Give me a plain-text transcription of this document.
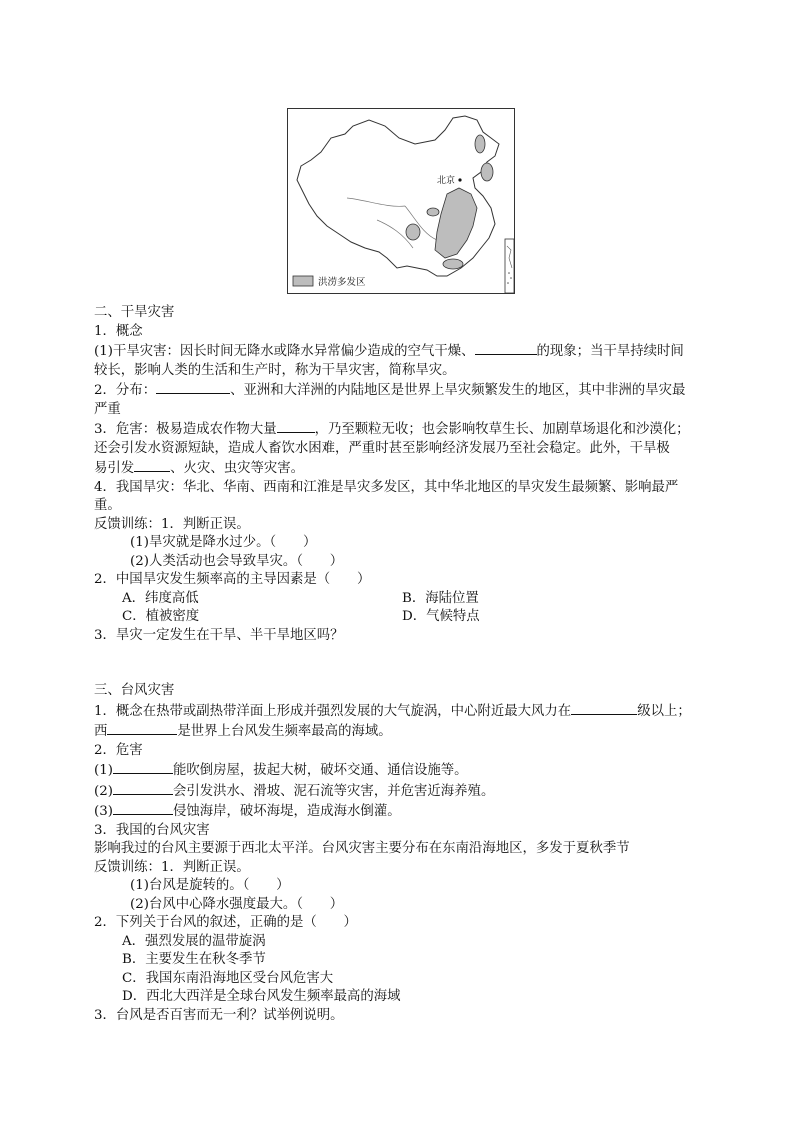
北京
洪涝多发区
二、干旱灾害
1．概念
(1)干旱灾害：因长时间无降水或降水异常偏少造成的空气干燥、	的现象；当干旱持续时间
较长，影响人类的生活和生产时，称为干旱灾害，简称旱灾。
2．分布：	、亚洲和大洋洲的内陆地区是世界上旱灾频繁发生的地区，其中非洲的旱灾最
严重
3．危害：极易造成农作物大量	，乃至颗粒无收；也会影响牧草生长、加剧草场退化和沙漠化；
还会引发水资源短缺，造成人畜饮水困难，严重时甚至影响经济发展乃至社会稳定。此外，干旱极
易引发	、火灾、虫灾等灾害。
4．我国旱灾：华北、华南、西南和江淮是旱灾多发区，其中华北地区的旱灾发生最频繁、影响最严
重。
反馈训练：1．判断正误。
(1)旱灾就是降水过少。（　　）
(2)人类活动也会导致旱灾。（　　）
2．中国旱灾发生频率高的主导因素是（　　）
A．纬度高低	B．海陆位置
C．植被密度	D．气候特点
3．旱灾一定发生在干旱、半干旱地区吗？
三、台风灾害
1．概念在热带或副热带洋面上形成并强烈发展的大气旋涡，中心附近最大风力在	级以上；
西	是世界上台风发生频率最高的海域。
2．危害
(1)	能吹倒房屋，拔起大树，破坏交通、通信设施等。
(2)	会引发洪水、滑坡、泥石流等灾害，并危害近海养殖。
(3)	侵蚀海岸，破坏海堤，造成海水倒灌。
3．我国的台风灾害
影响我过的台风主要源于西北太平洋。台风灾害主要分布在东南沿海地区，多发于夏秋季节
反馈训练：1．判断正误。
(1)台风是旋转的。（　　）
(2)台风中心降水强度最大。（　　）
2．下列关于台风的叙述，正确的是（　　）
A．强烈发展的温带旋涡
B．主要发生在秋冬季节
C．我国东南沿海地区受台风危害大
D．西北大西洋是全球台风发生频率最高的海域
3．台风是否百害而无一利？试举例说明。
